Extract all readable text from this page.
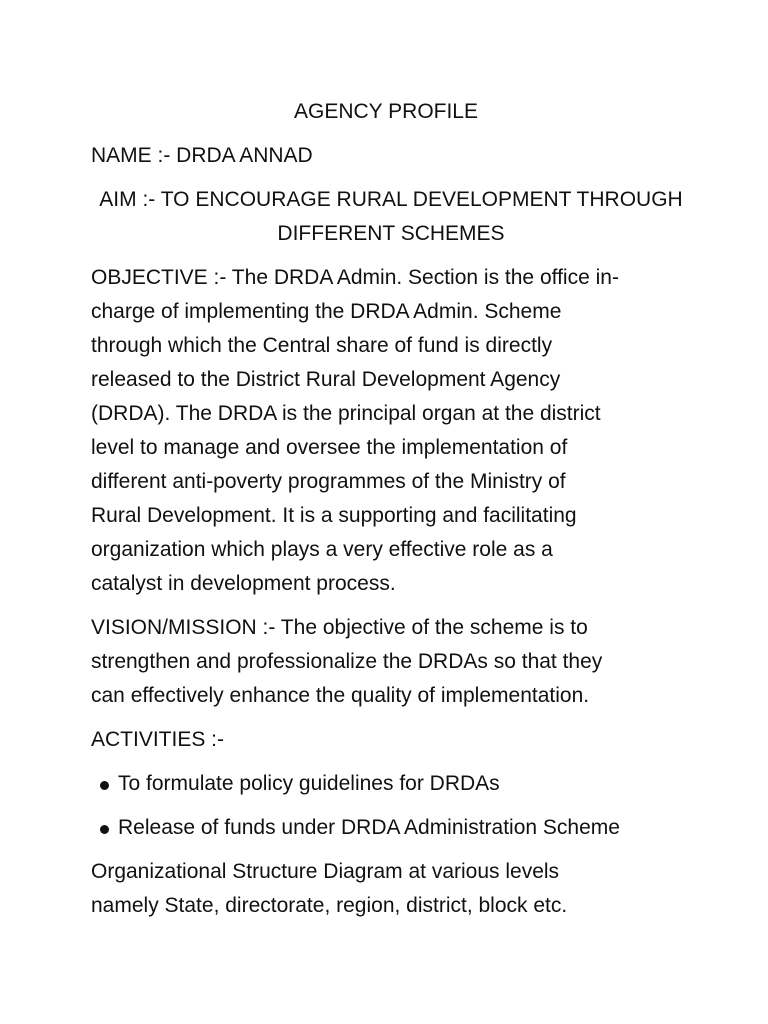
AGENCY PROFILE

NAME :- DRDA ANNAD

AIM :- TO ENCOURAGE RURAL DEVELOPMENT THROUGH

DIFFERENT SCHEMES

OBJECTIVE :- The DRDA Admin. Section is the office in-

charge of implementing the DRDA Admin. Scheme

through which the Central share of fund is directly

released to the District Rural Development Agency

(DRDA). The DRDA is the principal organ at the district

level to manage and oversee the implementation of

different anti-poverty programmes of the Ministry of

Rural Development. It is a supporting and facilitating

organization which plays a very effective role as a

catalyst in development process.

VISION/MISSION :- The objective of the scheme is to

strengthen and professionalize the DRDAs so that they

can effectively enhance the quality of implementation.

ACTIVITIES :-

To formulate policy guidelines for DRDAs
Release of funds under DRDA Administration Scheme

Organizational Structure Diagram at various levels

namely State, directorate, region, district, block etc.
